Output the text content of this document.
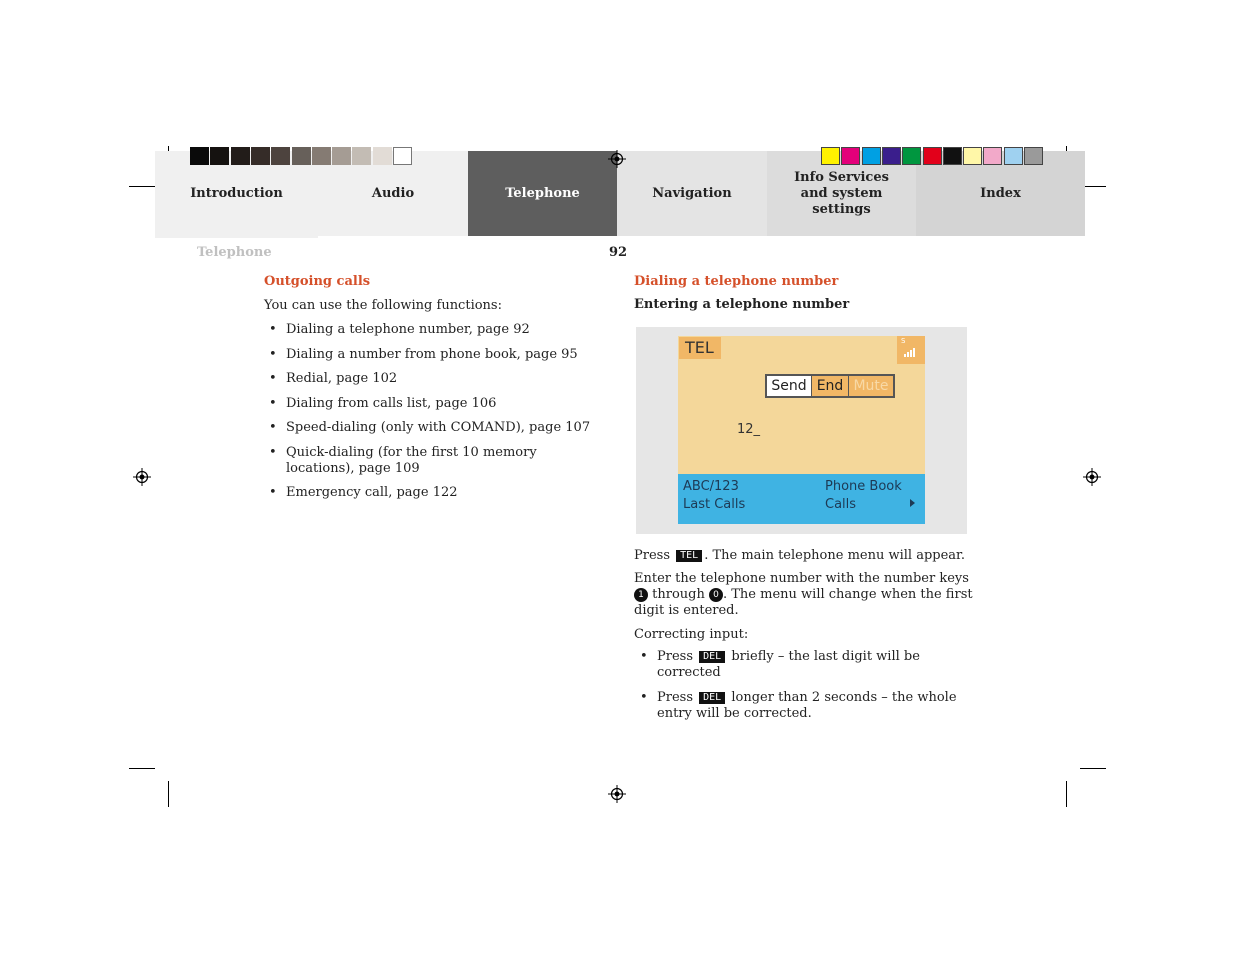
Introduction	Audio	Telephone	Navigation
Info Services and system settings
Index
Telephone	92
Outgoing calls
You can use the following functions:
• Dialing a telephone number, page 92
• Dialing a number from phone book, page 95
• Redial, page 102
• Dialing from calls list, page 106
• Speed-dialing (only with COMAND), page 107
• Quick-dialing (for the first 10 memory locations), page 109
• Emergency call, page 122
Dialing a telephone number
Entering a telephone number
TEL	S
Send End Mute
12_
ABC/123
Last Calls
Phone Book
Calls
Press TEL . The main telephone menu will appear.
Enter the telephone number with the number keys 1 through 0 . The menu will change when the first digit is entered.
Correcting input:
• Press DEL briefly – the last digit will be corrected
• Press DEL longer than 2 seconds – the whole entry will be corrected.
